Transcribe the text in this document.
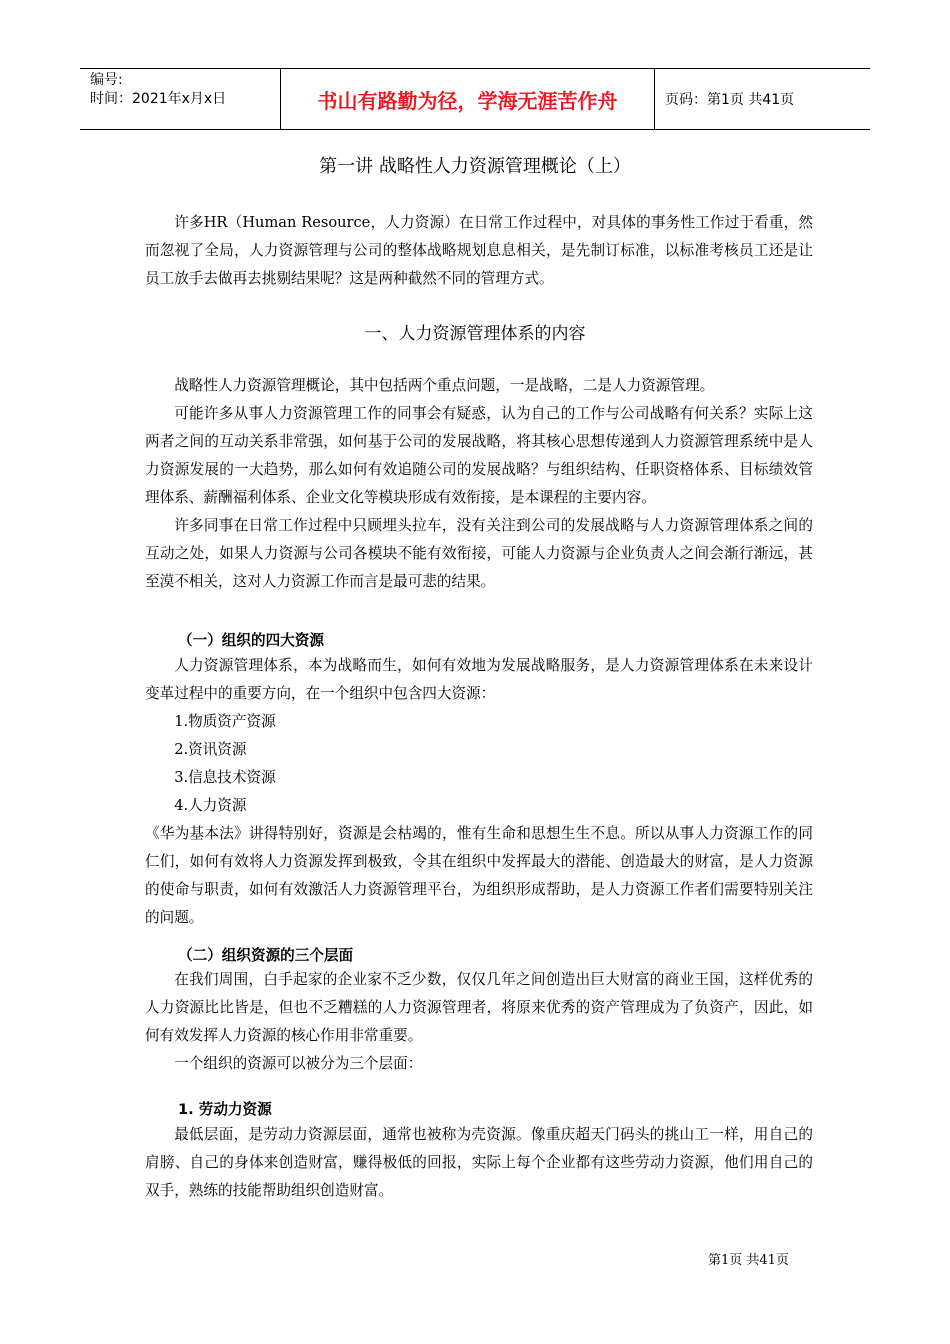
编号:
时间：2021年x月x日	书山有路勤为径，学海无涯苦作舟	页码：第1页 共41页
第一讲 战略性人力资源管理概论（上）

许多HR（Human Resource，人力资源）在日常工作过程中，对具体的事务性工作过于看重，然而忽视了全局，人力资源管理与公司的整体战略规划息息相关，是先制订标准，以标准考核员工还是让员工放手去做再去挑剔结果呢？这是两种截然不同的管理方式。

一、人力资源管理体系的内容

战略性人力资源管理概论，其中包括两个重点问题，一是战略，二是人力资源管理。

可能许多从事人力资源管理工作的同事会有疑惑，认为自己的工作与公司战略有何关系？实际上这两者之间的互动关系非常强，如何基于公司的发展战略，将其核心思想传递到人力资源管理系统中是人力资源发展的一大趋势，那么如何有效追随公司的发展战略？与组织结构、任职资格体系、目标绩效管理体系、薪酬福利体系、企业文化等模块形成有效衔接，是本课程的主要内容。

许多同事在日常工作过程中只顾埋头拉车，没有关注到公司的发展战略与人力资源管理体系之间的互动之处，如果人力资源与公司各模块不能有效衔接，可能人力资源与企业负责人之间会渐行渐远，甚至漠不相关，这对人力资源工作而言是最可悲的结果。

（一）组织的四大资源

人力资源管理体系，本为战略而生，如何有效地为发展战略服务，是人力资源管理体系在未来设计变革过程中的重要方向，在一个组织中包含四大资源：

1.物质资产资源

2.资讯资源

3.信息技术资源

4.人力资源

《华为基本法》讲得特别好，资源是会枯竭的，惟有生命和思想生生不息。所以从事人力资源工作的同仁们，如何有效将人力资源发挥到极致，令其在组织中发挥最大的潜能、创造最大的财富，是人力资源的使命与职责，如何有效激活人力资源管理平台，为组织形成帮助，是人力资源工作者们需要特别关注的问题。

（二）组织资源的三个层面

在我们周围，白手起家的企业家不乏少数，仅仅几年之间创造出巨大财富的商业王国，这样优秀的人力资源比比皆是，但也不乏糟糕的人力资源管理者，将原来优秀的资产管理成为了负资产，因此，如何有效发挥人力资源的核心作用非常重要。

一个组织的资源可以被分为三个层面：

1. 劳动力资源

最低层面，是劳动力资源层面，通常也被称为壳资源。像重庆超天门码头的挑山工一样，用自己的肩膀、自己的身体来创造财富，赚得极低的回报，实际上每个企业都有这些劳动力资源，他们用自己的双手，熟练的技能帮助组织创造财富。

第1页 共41页
